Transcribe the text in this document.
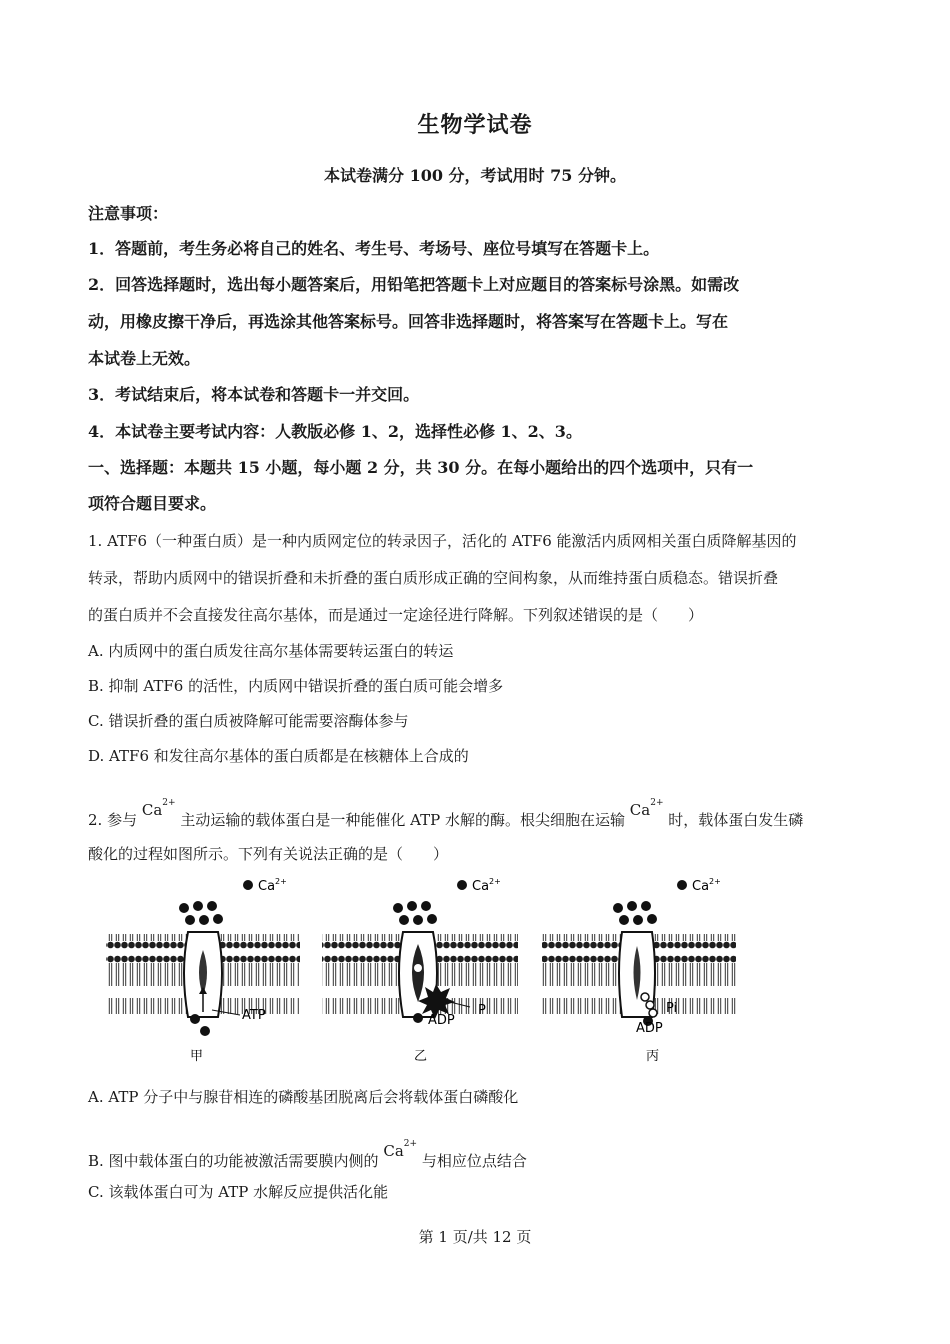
生物学试卷
本试卷满分 100 分，考试用时 75 分钟。
注意事项：
1．答题前，考生务必将自己的姓名、考生号、考场号、座位号填写在答题卡上。
2．回答选择题时，选出每小题答案后，用铅笔把答题卡上对应题目的答案标号涂黑。如需改
动，用橡皮擦干净后，再选涂其他答案标号。回答非选择题时，将答案写在答题卡上。写在
本试卷上无效。
3．考试结束后，将本试卷和答题卡一并交回。
4．本试卷主要考试内容：人教版必修 1、2，选择性必修 1、2、3。
一、选择题：本题共 15 小题，每小题 2 分，共 30 分。在每小题给出的四个选项中，只有一
项符合题目要求。
1. ATF6（一种蛋白质）是一种内质网定位的转录因子，活化的 ATF6 能激活内质网相关蛋白质降解基因的
转录，帮助内质网中的错误折叠和未折叠的蛋白质形成正确的空间构象，从而维持蛋白质稳态。错误折叠
的蛋白质并不会直接发往高尔基体，而是通过一定途径进行降解。下列叙述错误的是（　　）
A. 内质网中的蛋白质发往高尔基体需要转运蛋白的转运
B. 抑制 ATF6 的活性，内质网中错误折叠的蛋白质可能会增多
C. 错误折叠的蛋白质被降解可能需要溶酶体参与
D. ATF6 和发往高尔基体的蛋白质都是在核糖体上合成的
2. 参与 $Ca^{2+}$ 主动运输的载体蛋白是一种能催化 ATP 水解的酶。根尖细胞在运输 $Ca^{2+}$ 时，载体蛋白发生磷
酸化的过程如图所示。下列有关说法正确的是（　　）
$Ca^{2+}$
ATP
甲
$Ca^{2+}$
ADP
P
乙
$Ca^{2+}$
Pi
ADP
丙
A. ATP 分子中与腺苷相连的磷酸基团脱离后会将载体蛋白磷酸化
B. 图中载体蛋白的功能被激活需要膜内侧的 $Ca^{2+}$ 与相应位点结合
C. 该载体蛋白可为 ATP 水解反应提供活化能
第 1 页/共 12 页
